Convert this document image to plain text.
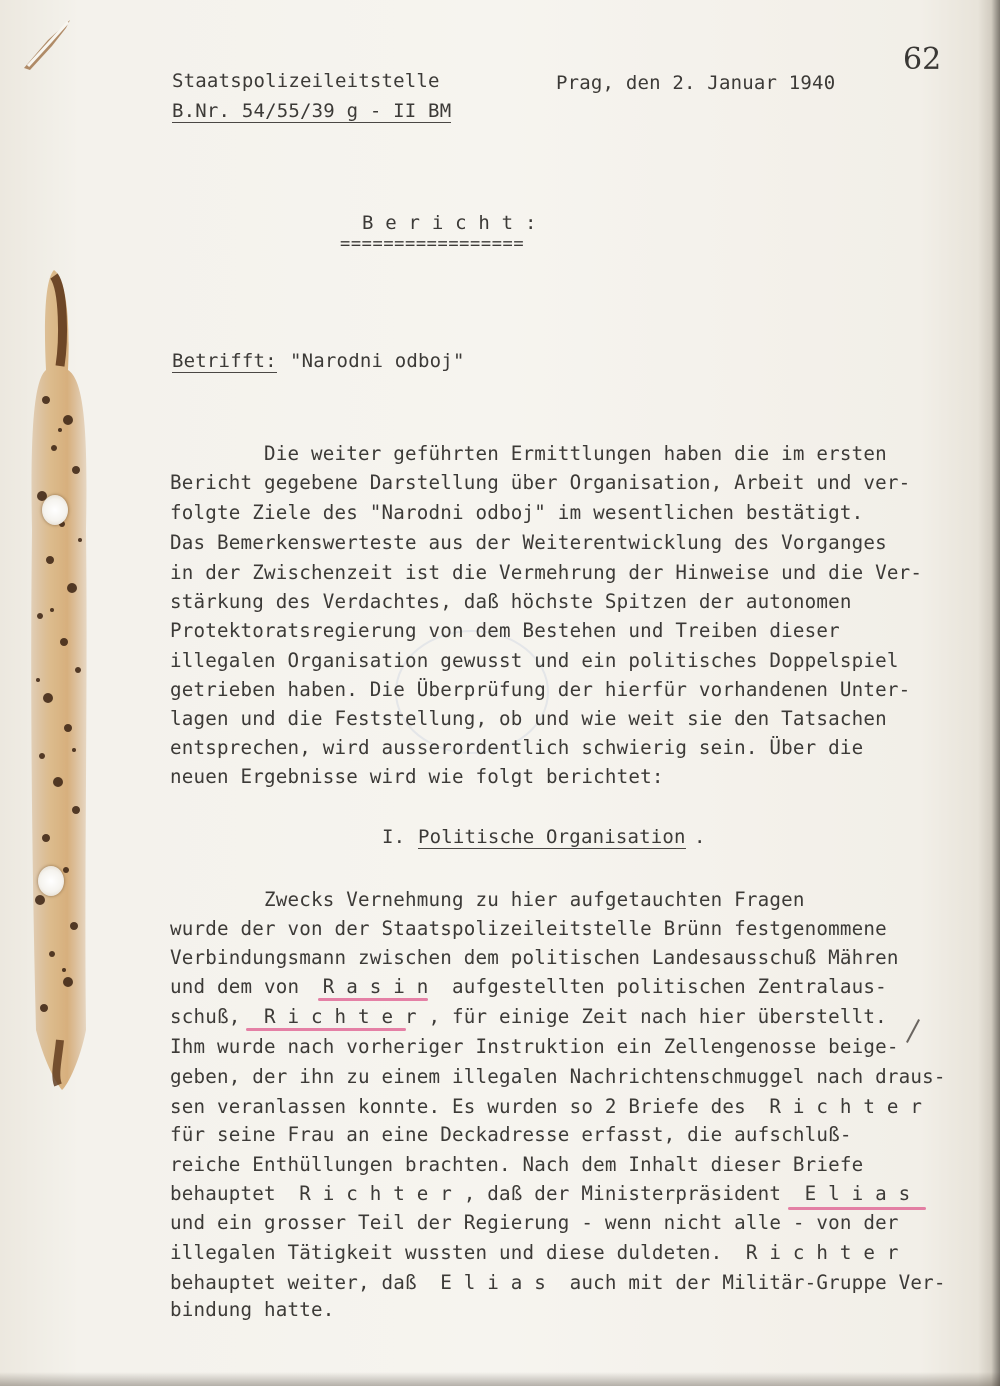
Staatspolizeileitstelle
B.Nr. 54/55/39 g - II BM
Prag, den 2. Januar 1940
62
B e r i c h t :
=================
Betrifft: "Narodni odboj"
Die weiter geführten Ermittlungen haben die im ersten
Bericht gegebene Darstellung über Organisation, Arbeit und ver-
folgte Ziele des "Narodni odboj" im wesentlichen bestätigt.
Das Bemerkenswerteste aus der Weiterentwicklung des Vorganges
in der Zwischenzeit ist die Vermehrung der Hinweise und die Ver-
stärkung des Verdachtes, daß höchste Spitzen der autonomen
Protektoratsregierung von dem Bestehen und Treiben dieser
illegalen Organisation gewusst und ein politisches Doppelspiel
getrieben haben. Die Überprüfung der hierfür vorhandenen Unter-
lagen und die Feststellung, ob und wie weit sie den Tatsachen
entsprechen, wird ausserordentlich schwierig sein. Über die
neuen Ergebnisse wird wie folgt berichtet:
I. Politische Organisation .
Zwecks Vernehmung zu hier aufgetauchten Fragen
wurde der von der Staatspolizeileitstelle Brünn festgenommene
Verbindungsmann zwischen dem politischen Landesausschuß Mähren
und dem von  R a s i n  aufgestellten politischen Zentralaus-
schuß,  R i c h t e r , für einige Zeit nach hier überstellt.
Ihm wurde nach vorheriger Instruktion ein Zellengenosse beige-
geben, der ihn zu einem illegalen Nachrichtenschmuggel nach draus-
sen veranlassen konnte. Es wurden so 2 Briefe des  R i c h t e r
für seine Frau an eine Deckadresse erfasst, die aufschluß-
reiche Enthüllungen brachten. Nach dem Inhalt dieser Briefe
behauptet  R i c h t e r , daß der Ministerpräsident  E l i a s
und ein grosser Teil der Regierung - wenn nicht alle - von der
illegalen Tätigkeit wussten und diese duldeten.  R i c h t e r
behauptet weiter, daß  E l i a s  auch mit der Militär-Gruppe Ver-
bindung hatte.
